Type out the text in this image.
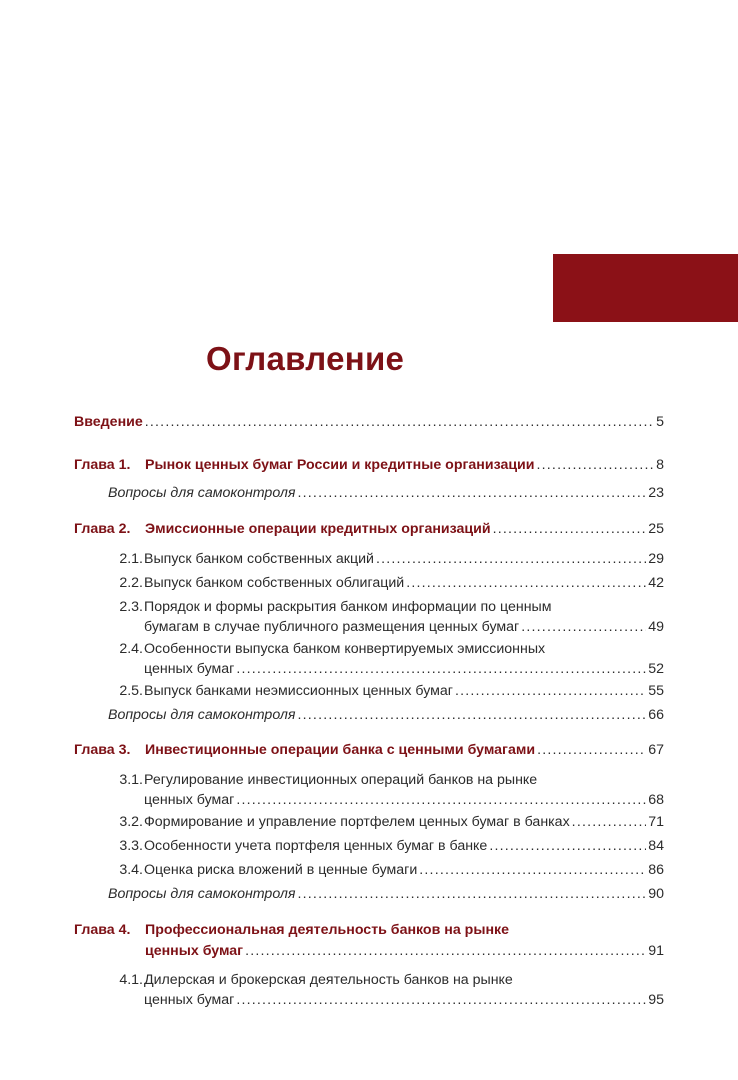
Оглавление
Введение .....	5
Глава 1.	Рынок ценных бумаг России и кредитные организации .....	8
Вопросы для самоконтроля .....	23
Глава 2.	Эмиссионные операции кредитных организаций .....	25
2.1. Выпуск банком собственных акций .....	29
2.2. Выпуск банком собственных облигаций .....	42
2.3. Порядок и формы раскрытия банком информации по ценным
бумагам в случае публичного размещения ценных бумаг .....	49
2.4. Особенности выпуска банком конвертируемых эмиссионных
ценных бумаг .....	52
2.5. Выпуск банками неэмиссионных ценных бумаг .....	55
Вопросы для самоконтроля .....	66
Глава 3.	Инвестиционные операции банка с ценными бумагами .....	67
3.1. Регулирование инвестиционных операций банков на рынке
ценных бумаг .....	68
3.2. Формирование и управление портфелем ценных бумаг в банках .....	71
3.3. Особенности учета портфеля ценных бумаг в банке .....	84
3.4. Оценка риска вложений в ценные бумаги .....	86
Вопросы для самоконтроля .....	90
Глава 4.	Профессиональная деятельность банков на рынке
ценных бумаг .....	91
4.1. Дилерская и брокерская деятельность банков на рынке
ценных бумаг .....	95
